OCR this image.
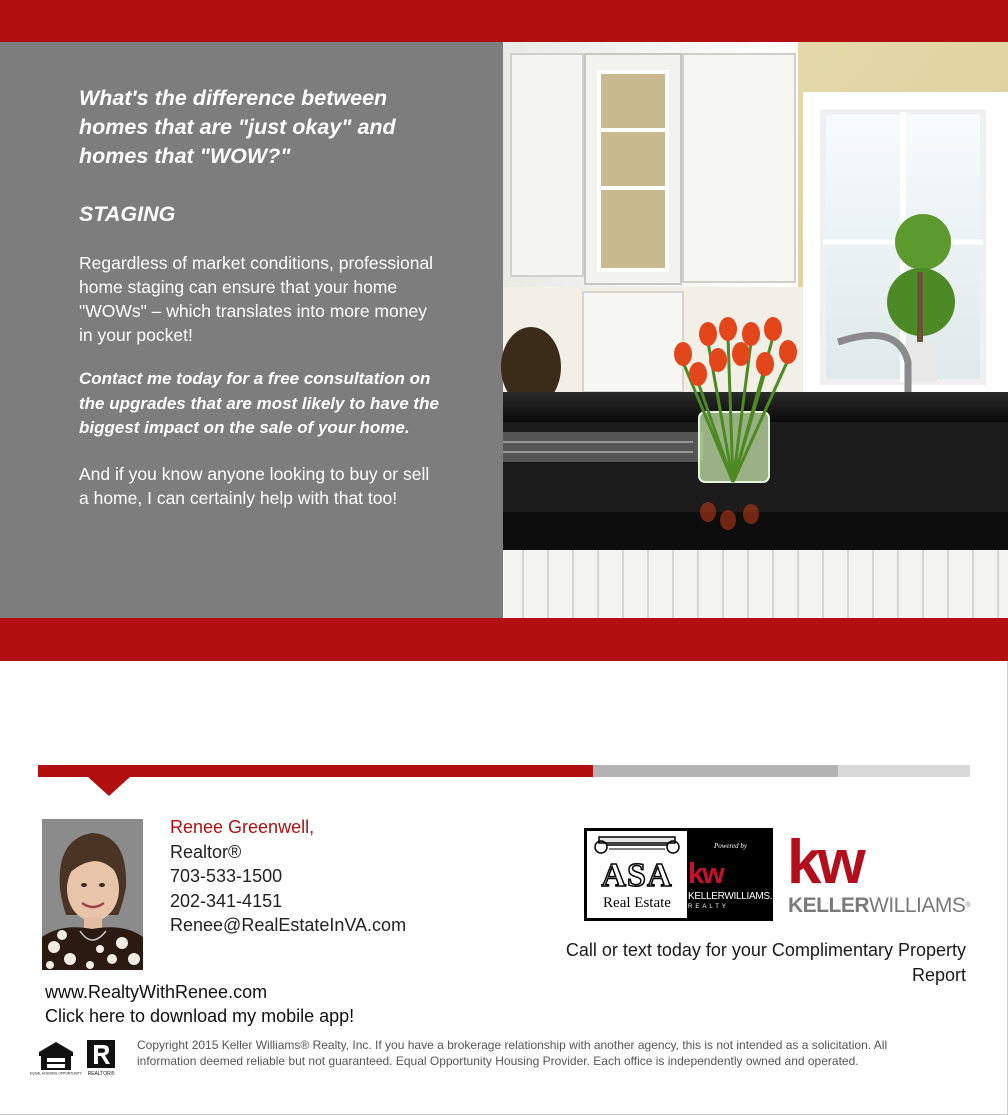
What's the difference between homes that are "just okay" and homes that "WOW?"

STAGING

Regardless of market conditions, professional home staging can ensure that your home "WOWs" – which translates into more money in your pocket!

Contact me today for a free consultation on the upgrades that are most likely to have the biggest impact on the sale of your home.

And if you know anyone looking to buy or sell a home, I can certainly help with that too!

Renee Greenwell,
Realtor®
703-533-1500
202-341-4151
Renee@RealEstateInVA.com
www.RealtyWithRenee.com
Click here to download my mobile app!
ASA
Real Estate
Powered by
kw
KELLERWILLIAMS.
REALTY
kw
KELLERWILLIAMS®
Call or text today for your Complimentary Property Report
EQUAL HOUSING OPPORTUNITY REALTOR®
Copyright 2015 Keller Williams® Realty, Inc. If you have a brokerage relationship with another agency, this is not intended as a solicitation. All information deemed reliable but not guaranteed. Equal Opportunity Housing Provider. Each office is independently owned and operated.
